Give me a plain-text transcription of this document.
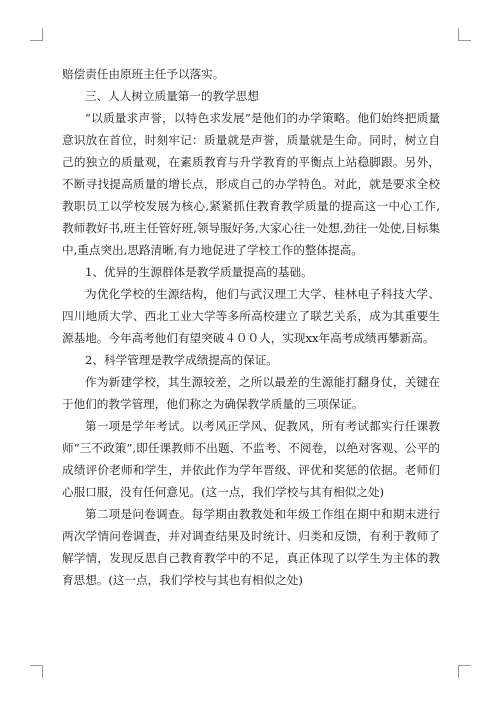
赔偿责任由原班主任予以落实。

三、人人树立质量第一的教学思想

“以质量求声誉，以特色求发展”是他们的办学策略。他们始终把质量意识放在首位，时刻牢记：质量就是声誉，质量就是生命。同时，树立自己的独立的质量观，在素质教育与升学教育的平衡点上站稳脚跟。另外，不断寻找提高质量的增长点，形成自己的办学特色。对此，就是要求全校教职员工以学校发展为核心,紧紧抓住教育教学质量的提高这一中心工作,教师教好书,班主任管好班,领导服好务,大家心往一处想,劲往一处使,目标集中,重点突出,思路清晰,有力地促进了学校工作的整体提高。

1、优异的生源群体是教学质量提高的基础。

为优化学校的生源结构，他们与武汉理工大学、桂林电子科技大学、四川地质大学、西北工业大学等多所高校建立了联艺关系，成为其重要生源基地。今年高考他们有望突破４００人，实现xx年高考成绩再攀新高。

2、科学管理是教学成绩提高的保证。

作为新建学校，其生源较差，之所以最差的生源能打翻身仗，关键在于他们的教学管理，他们称之为确保教学质量的三项保证。

第一项是学年考试。以考风正学风、促教风，所有考试都实行任课教师“三不政策”,即任课教师不出题、不监考、不阅卷，以绝对客观、公平的成绩评价老师和学生，并依此作为学年晋级、评优和奖惩的依据。老师们心服口服，没有任何意见。(这一点，我们学校与其有相似之处)

第二项是问卷调查。每学期由教教处和年级工作组在期中和期末进行两次学情问卷调查，并对调查结果及时统计、归类和反馈，有利于教师了解学情，发现反思自己教育教学中的不足，真正体现了以学生为主体的教育思想。(这一点，我们学校与其也有相似之处)
